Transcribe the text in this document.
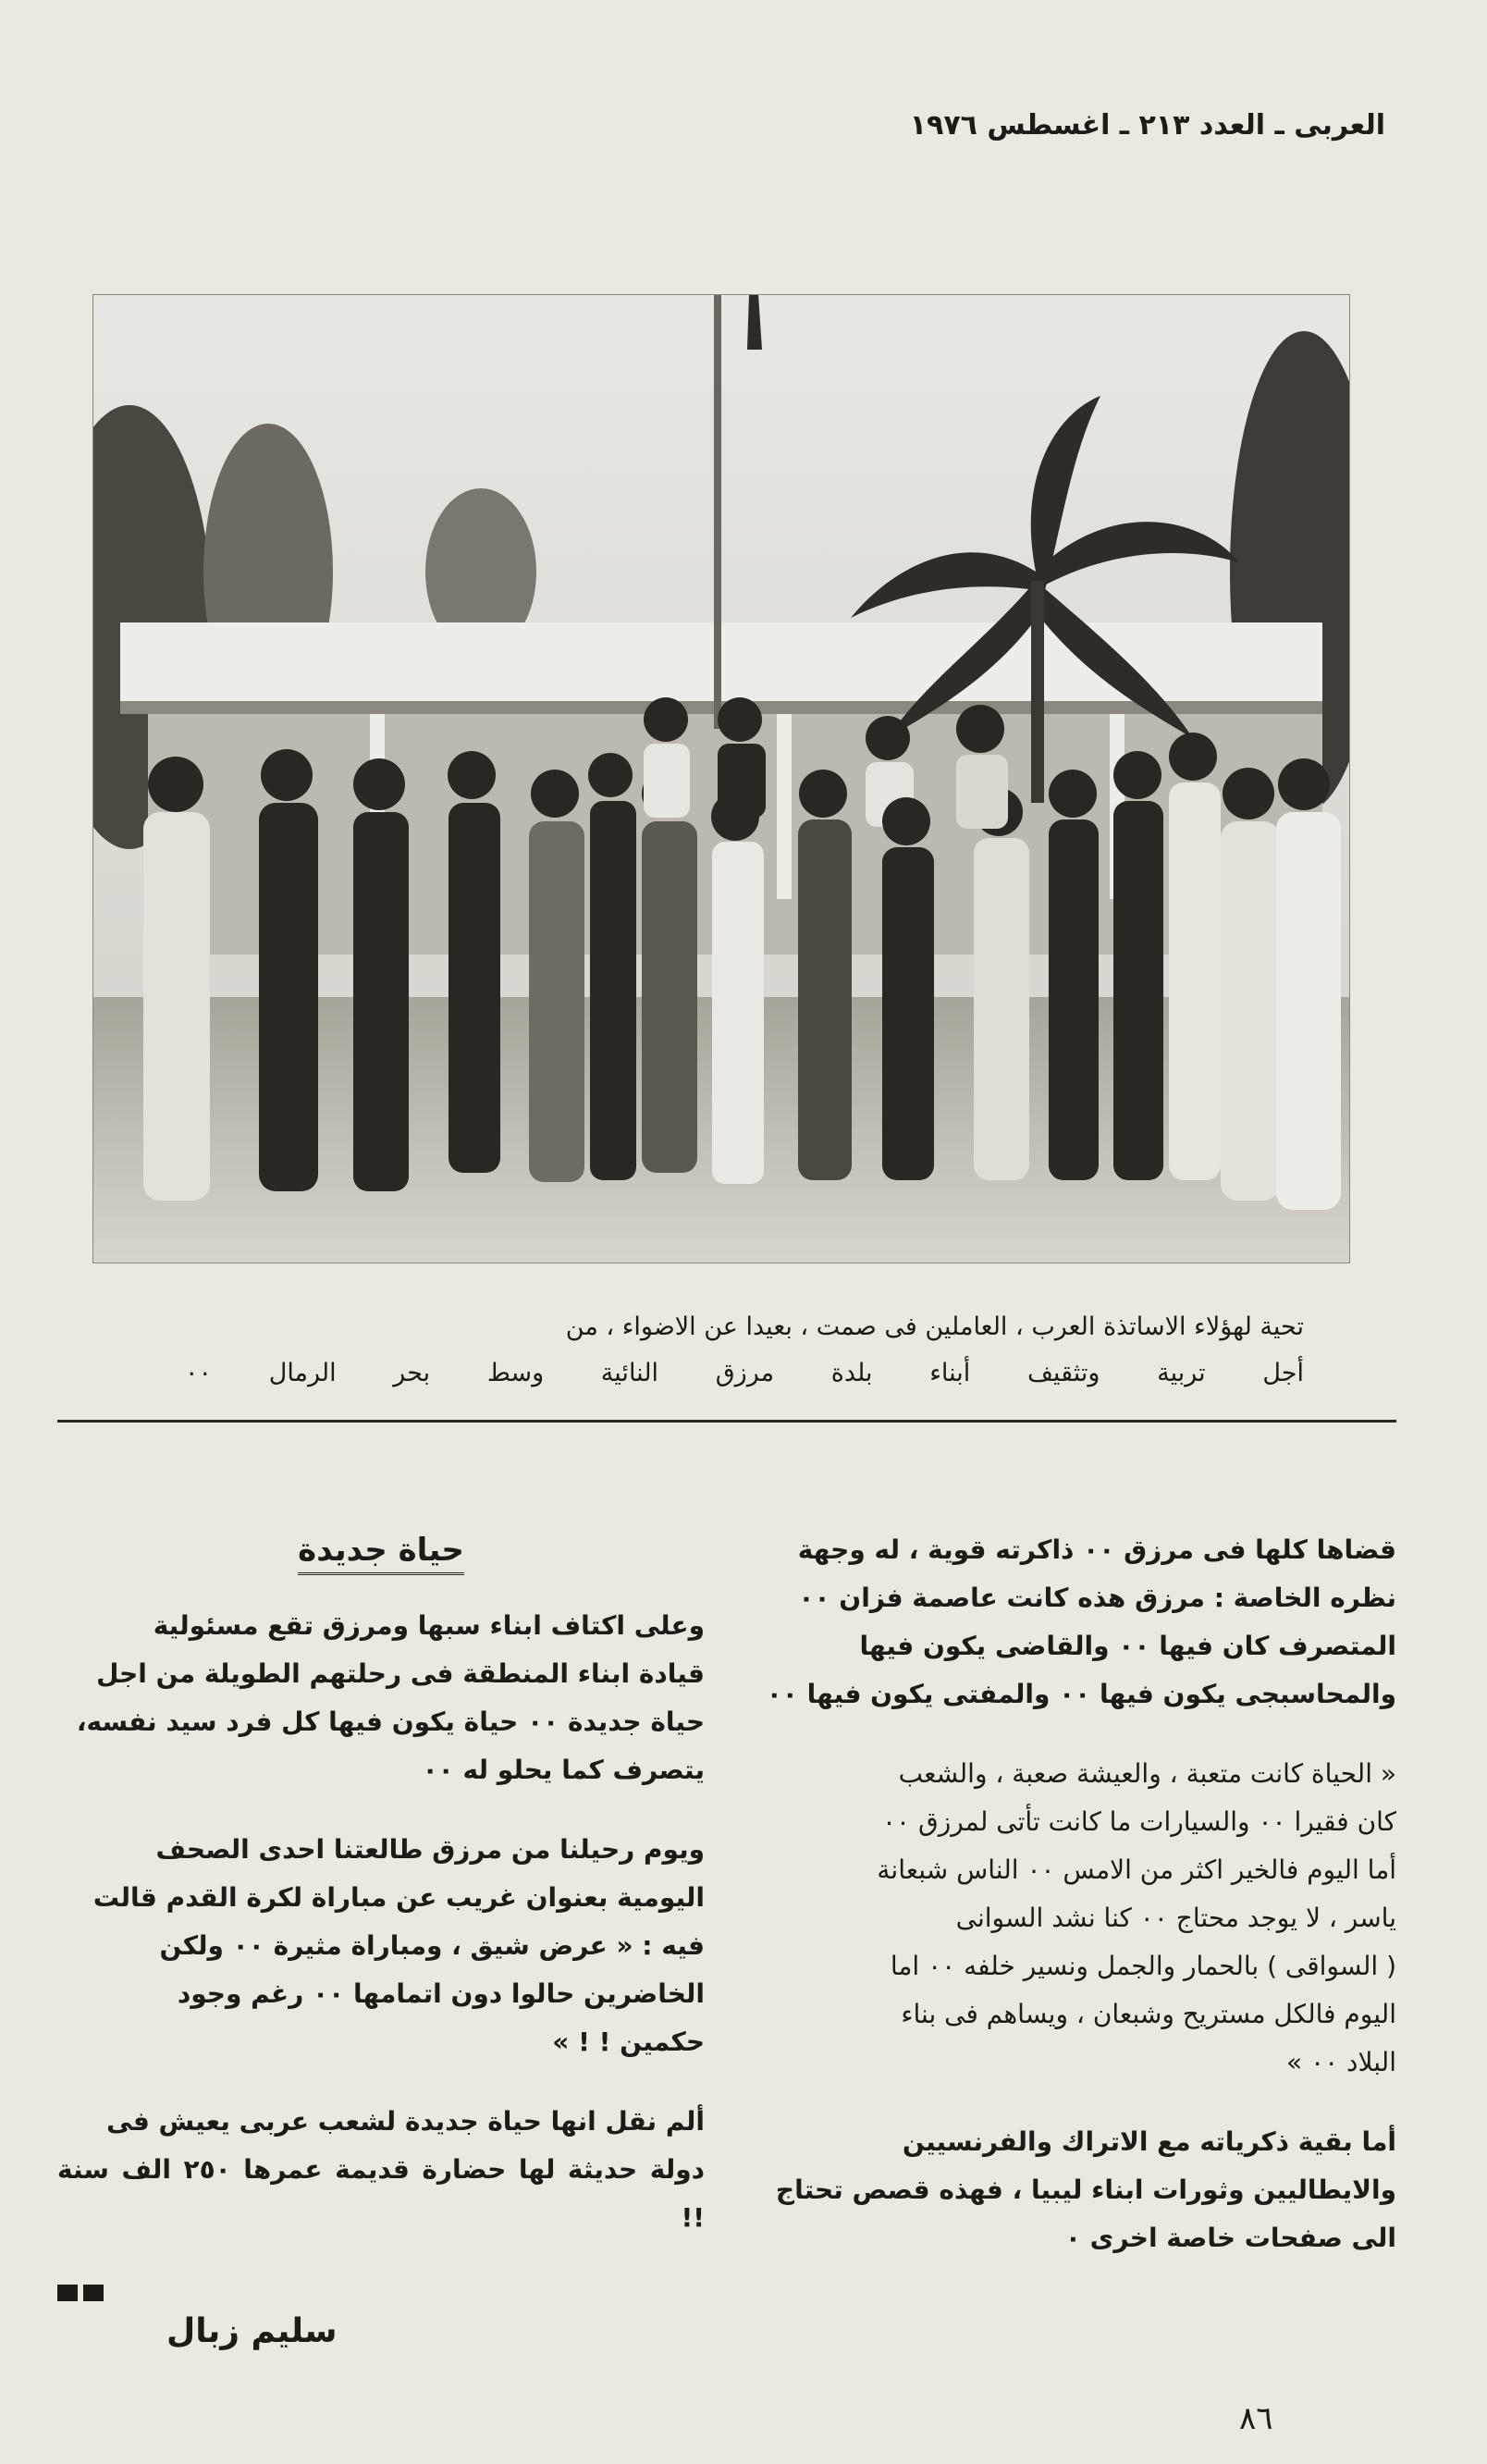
العربى ـ العدد ٢١٣ ـ اغسطس ١٩٧٦
تحية لهؤلاء الاساتذة العرب ، العاملين فى صمت ، بعيدا عن الاضواء ، من
أجل تربية وتثقيف أبناء بلدة مرزق النائية وسط بحر الرمال ٠٠

قضاها كلها فى مرزق ٠٠ ذاكرته قوية ، له وجهة
نظره الخاصة : مرزق هذه كانت عاصمة فزان ٠٠
المتصرف كان فيها ٠٠ والقاضى يكون فيها
والمحاسبجى يكون فيها ٠٠ والمفتى يكون فيها ٠٠

« الحياة كانت متعبة ، والعيشة صعبة ، والشعب
كان فقيرا ٠٠ والسيارات ما كانت تأتى لمرزق ٠٠
أما اليوم فالخير اكثر من الامس ٠٠ الناس شبعانة
ياسر ، لا يوجد محتاج ٠٠ كنا نشد السوانى
( السواقى ) بالحمار والجمل ونسير خلفه ٠٠ اما
اليوم فالكل مستريح وشبعان ، ويساهم فى بناء
البلاد ٠٠ »

أما بقية ذكرياته مع الاتراك والفرنسيين
والايطاليين وثورات ابناء ليبيا ، فهذه قصص تحتاج
الى صفحات خاصة اخرى ٠

حياة جديدة

وعلى اكتاف ابناء سبها ومرزق تقع مسئولية
قيادة ابناء المنطقة فى رحلتهم الطويلة من اجل
حياة جديدة ٠٠ حياة يكون فيها كل فرد سيد نفسه،
يتصرف كما يحلو له ٠٠

ويوم رحيلنا من مرزق طالعتنا احدى الصحف
اليومية بعنوان غريب عن مباراة لكرة القدم قالت
فيه : « عرض شيق ، ومباراة مثيرة ٠٠ ولكن
الخاضرين حالوا دون اتمامها ٠٠ رغم وجود
حكمين ! ! »

ألم نقل انها حياة جديدة لشعب عربى يعيش فى
دولة حديثة لها حضارة قديمة عمرها ٢٥٠ الف سنة !!

سليم زبال
٨٦
